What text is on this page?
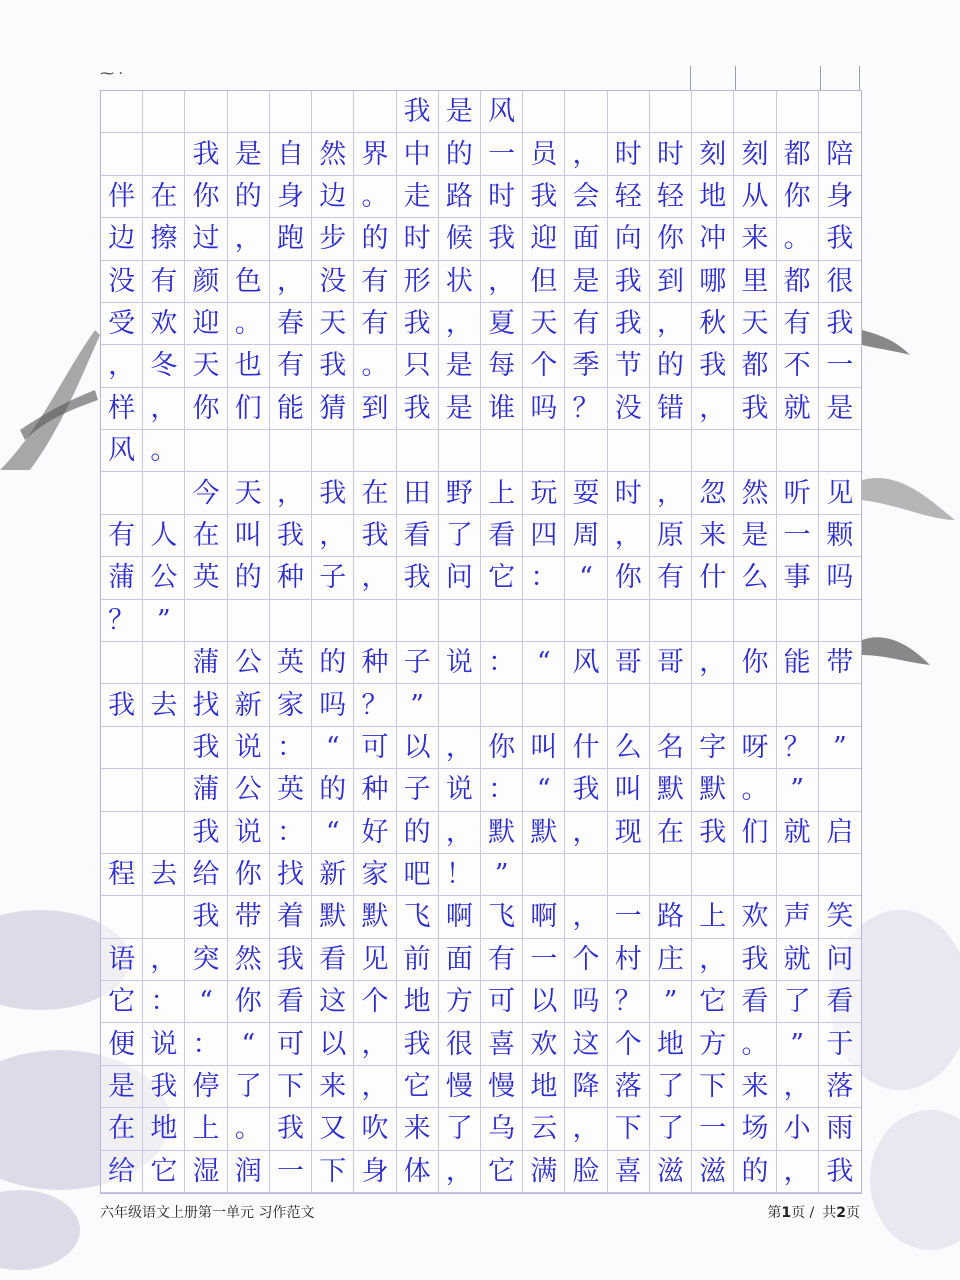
⁓ ·
我 是 风
我 是 自 然 界 中 的 一 员 ， 时 时 刻 刻 都 陪
伴 在 你 的 身 边 。 走 路 时 我 会 轻 轻 地 从 你 身
边 擦 过 ， 跑 步 的 时 候 我 迎 面 向 你 冲 来 。 我
没 有 颜 色 ， 没 有 形 状 ， 但 是 我 到 哪 里 都 很
受 欢 迎 。 春 天 有 我 ， 夏 天 有 我 ， 秋 天 有 我
， 冬 天 也 有 我 。 只 是 每 个 季 节 的 我 都 不 一
样 ， 你 们 能 猜 到 我 是 谁 吗 ？ 没 错 ， 我 就 是
风 。
今 天 ， 我 在 田 野 上 玩 耍 时 ， 忽 然 听 见
有 人 在 叫 我 ， 我 看 了 看 四 周 ， 原 来 是 一 颗
蒲 公 英 的 种 子 ， 我 问 它 ： “ 你 有 什 么 事 吗
？ ”
蒲 公 英 的 种 子 说 ： “ 风 哥 哥 ， 你 能 带
我 去 找 新 家 吗 ？ ”
我 说 ： “ 可 以 ， 你 叫 什 么 名 字 呀 ？ ”
蒲 公 英 的 种 子 说 ： “ 我 叫 默 默 。 ”
我 说 ： “ 好 的 ， 默 默 ， 现 在 我 们 就 启
程 去 给 你 找 新 家 吧 ！ ”
我 带 着 默 默 飞 啊 飞 啊 ， 一 路 上 欢 声 笑
语 ， 突 然 我 看 见 前 面 有 一 个 村 庄 ， 我 就 问
它 ： “ 你 看 这 个 地 方 可 以 吗 ？ ” 它 看 了 看
便 说 ： “ 可 以 ， 我 很 喜 欢 这 个 地 方 。 ” 于
是 我 停 了 下 来 ， 它 慢 慢 地 降 落 了 下 来 ， 落
在 地 上 。 我 又 吹 来 了 乌 云 ， 下 了 一 场 小 雨
给 它 湿 润 一 下 身 体 ， 它 满 脸 喜 滋 滋 的 ， 我
六年级语文上册第一单元 习作范文	第1页 / 共2页
